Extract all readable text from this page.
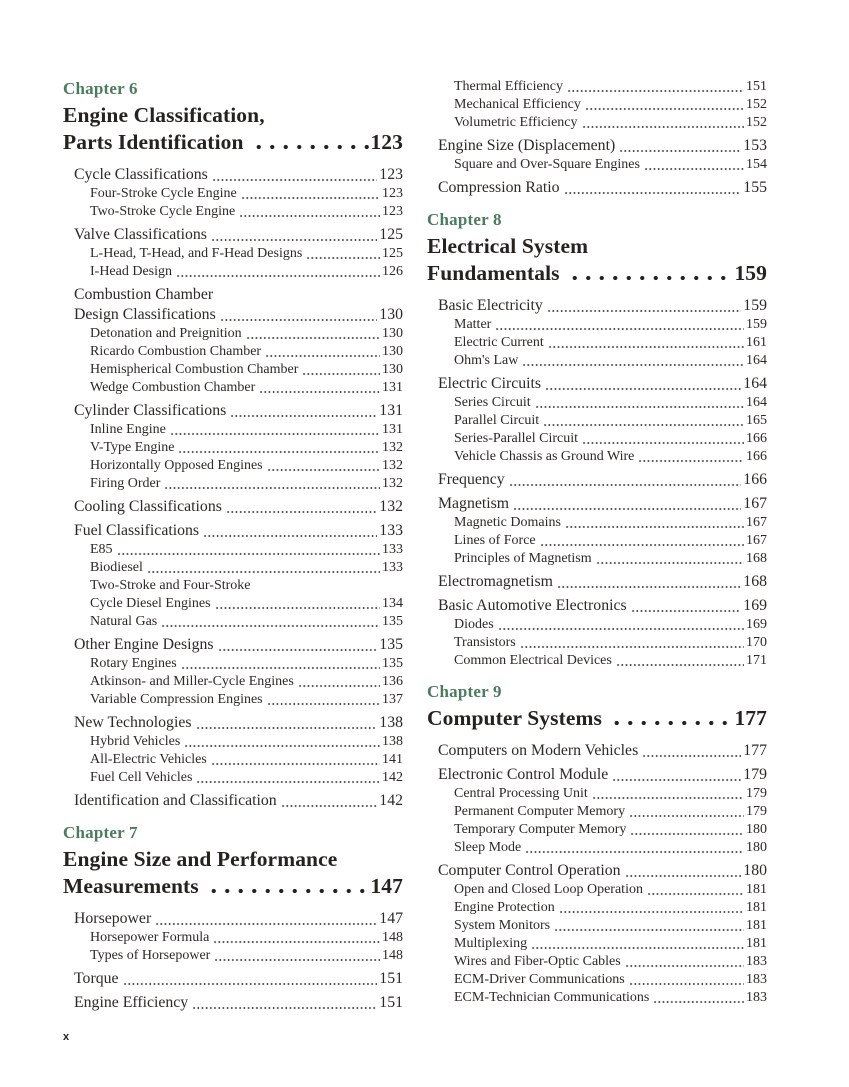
Chapter 6
Engine Classification,
Parts Identification	123
Cycle Classifications	123
Four-Stroke Cycle Engine	123
Two-Stroke Cycle Engine	123
Valve Classifications	125
L-Head, T-Head, and F-Head Designs	125
I-Head Design	126
Combustion Chamber
Design Classifications	130
Detonation and Preignition	130
Ricardo Combustion Chamber	130
Hemispherical Combustion Chamber	130
Wedge Combustion Chamber	131
Cylinder Classifications	131
Inline Engine	131
V-Type Engine	132
Horizontally Opposed Engines	132
Firing Order	132
Cooling Classifications	132
Fuel Classifications	133
E85	133
Biodiesel	133
Two-Stroke and Four-Stroke
Cycle Diesel Engines	134
Natural Gas	135
Other Engine Designs	135
Rotary Engines	135
Atkinson- and Miller-Cycle Engines	136
Variable Compression Engines	137
New Technologies	138
Hybrid Vehicles	138
All-Electric Vehicles	141
Fuel Cell Vehicles	142
Identification and Classification	142
Chapter 7
Engine Size and Performance
Measurements	147
Horsepower	147
Horsepower Formula	148
Types of Horsepower	148
Torque	151
Engine Efficiency	151
Thermal Efficiency	151
Mechanical Efficiency	152
Volumetric Efficiency	152
Engine Size (Displacement)	153
Square and Over-Square Engines	154
Compression Ratio	155
Chapter 8
Electrical System
Fundamentals	159
Basic Electricity	159
Matter	159
Electric Current	161
Ohm's Law	164
Electric Circuits	164
Series Circuit	164
Parallel Circuit	165
Series-Parallel Circuit	166
Vehicle Chassis as Ground Wire	166
Frequency	166
Magnetism	167
Magnetic Domains	167
Lines of Force	167
Principles of Magnetism	168
Electromagnetism	168
Basic Automotive Electronics	169
Diodes	169
Transistors	170
Common Electrical Devices	171
Chapter 9
Computer Systems	177
Computers on Modern Vehicles	177
Electronic Control Module	179
Central Processing Unit	179
Permanent Computer Memory	179
Temporary Computer Memory	180
Sleep Mode	180
Computer Control Operation	180
Open and Closed Loop Operation	181
Engine Protection	181
System Monitors	181
Multiplexing	181
Wires and Fiber-Optic Cables	183
ECM-Driver Communications	183
ECM-Technician Communications	183
x
